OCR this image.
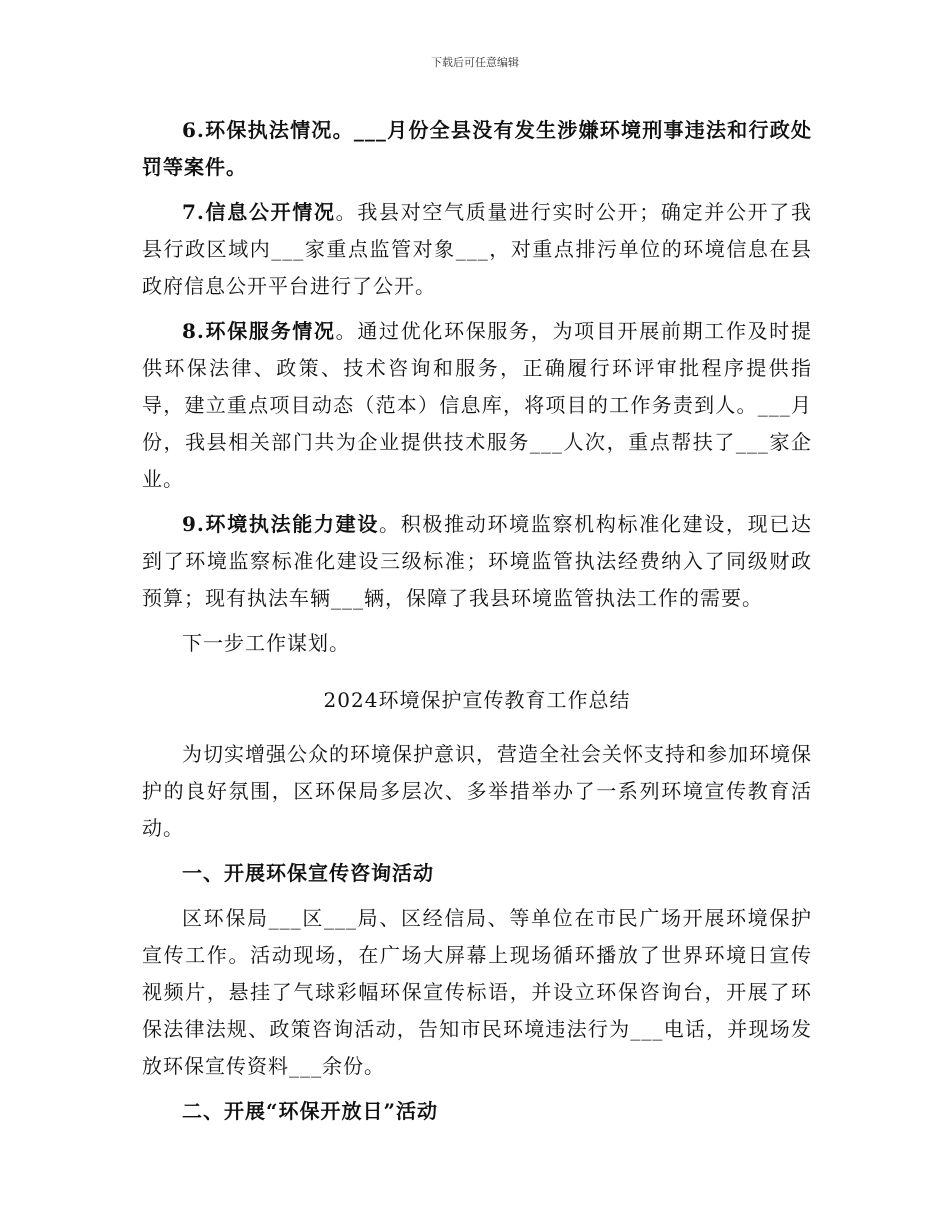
下载后可任意编辑

6.环保执法情况。___月份全县没有发生涉嫌环境刑事违法和行政处罚等案件。

7.信息公开情况。我县对空气质量进行实时公开；确定并公开了我县行政区域内___家重点监管对象___，对重点排污单位的环境信息在县政府信息公开平台进行了公开。

8.环保服务情况。通过优化环保服务，为项目开展前期工作及时提供环保法律、政策、技术咨询和服务，正确履行环评审批程序提供指导，建立重点项目动态（范本）信息库，将项目的工作务责到人。___月份，我县相关部门共为企业提供技术服务___人次，重点帮扶了___家企业。

9.环境执法能力建设。积极推动环境监察机构标准化建设，现已达到了环境监察标准化建设三级标准；环境监管执法经费纳入了同级财政预算；现有执法车辆___辆，保障了我县环境监管执法工作的需要。

下一步工作谋划。

2024环境保护宣传教育工作总结

为切实增强公众的环境保护意识，营造全社会关怀支持和参加环境保护的良好氛围，区环保局多层次、多举措举办了一系列环境宣传教育活动。

一、开展环保宣传咨询活动

区环保局___区___局、区经信局、等单位在市民广场开展环境保护宣传工作。活动现场，在广场大屏幕上现场循环播放了世界环境日宣传视频片，悬挂了气球彩幅环保宣传标语，并设立环保咨询台，开展了环保法律法规、政策咨询活动，告知市民环境违法行为___电话，并现场发放环保宣传资料___余份。

二、开展“环保开放日”活动
